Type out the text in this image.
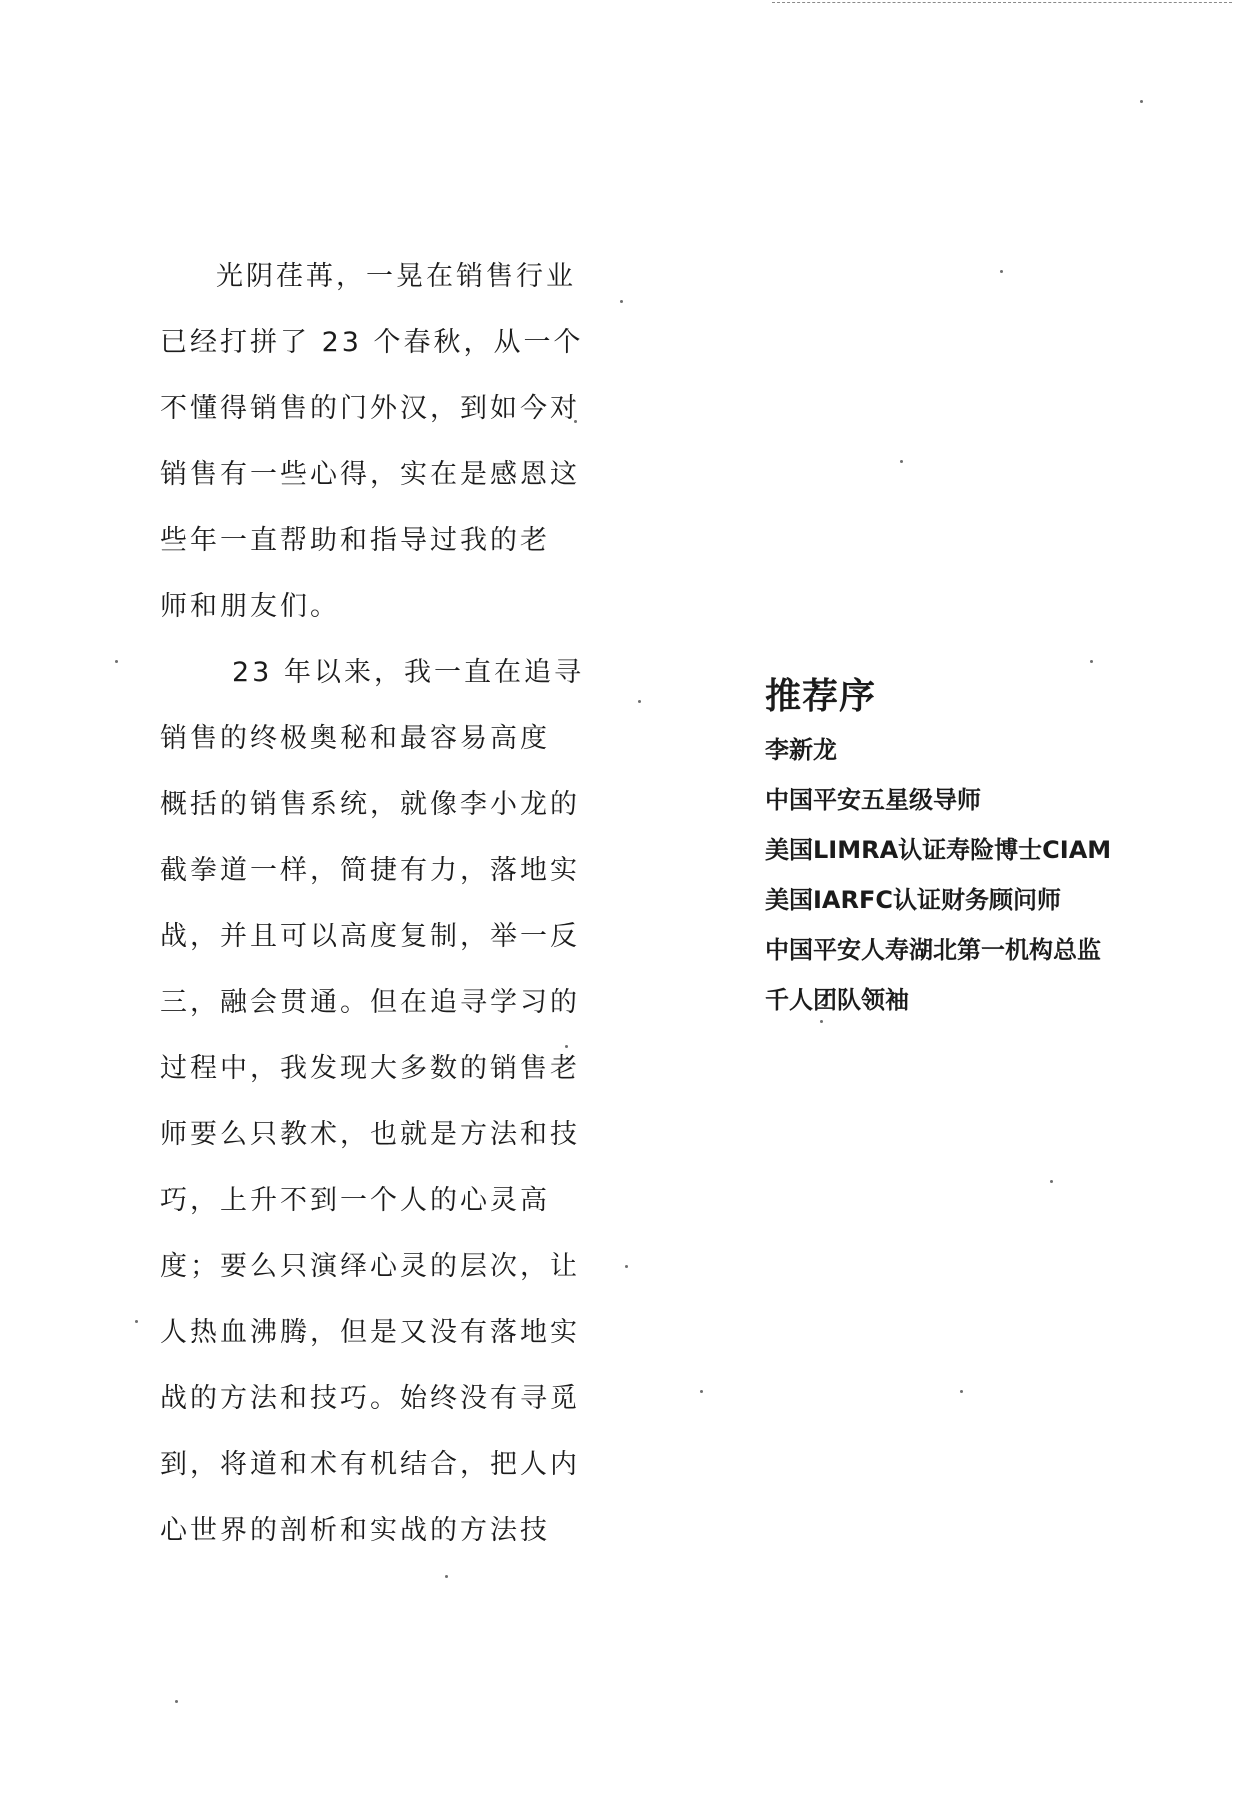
光阴荏苒，一晃在销售行业
已经打拼了 23 个春秋，从一个
不懂得销售的门外汉，到如今对
销售有一些心得，实在是感恩这
些年一直帮助和指导过我的老
师和朋友们。
23 年以来，我一直在追寻
销售的终极奥秘和最容易高度
概括的销售系统，就像李小龙的
截拳道一样，简捷有力，落地实
战，并且可以高度复制，举一反
三，融会贯通。但在追寻学习的
过程中，我发现大多数的销售老
师要么只教术，也就是方法和技
巧，上升不到一个人的心灵高
度；要么只演绎心灵的层次，让
人热血沸腾，但是又没有落地实
战的方法和技巧。始终没有寻觅
到，将道和术有机结合，把人内
心世界的剖析和实战的方法技
推荐序
李新龙
中国平安五星级导师
美国LIMRA认证寿险博士CIAM
美国IARFC认证财务顾问师
中国平安人寿湖北第一机构总监
千人团队领袖
